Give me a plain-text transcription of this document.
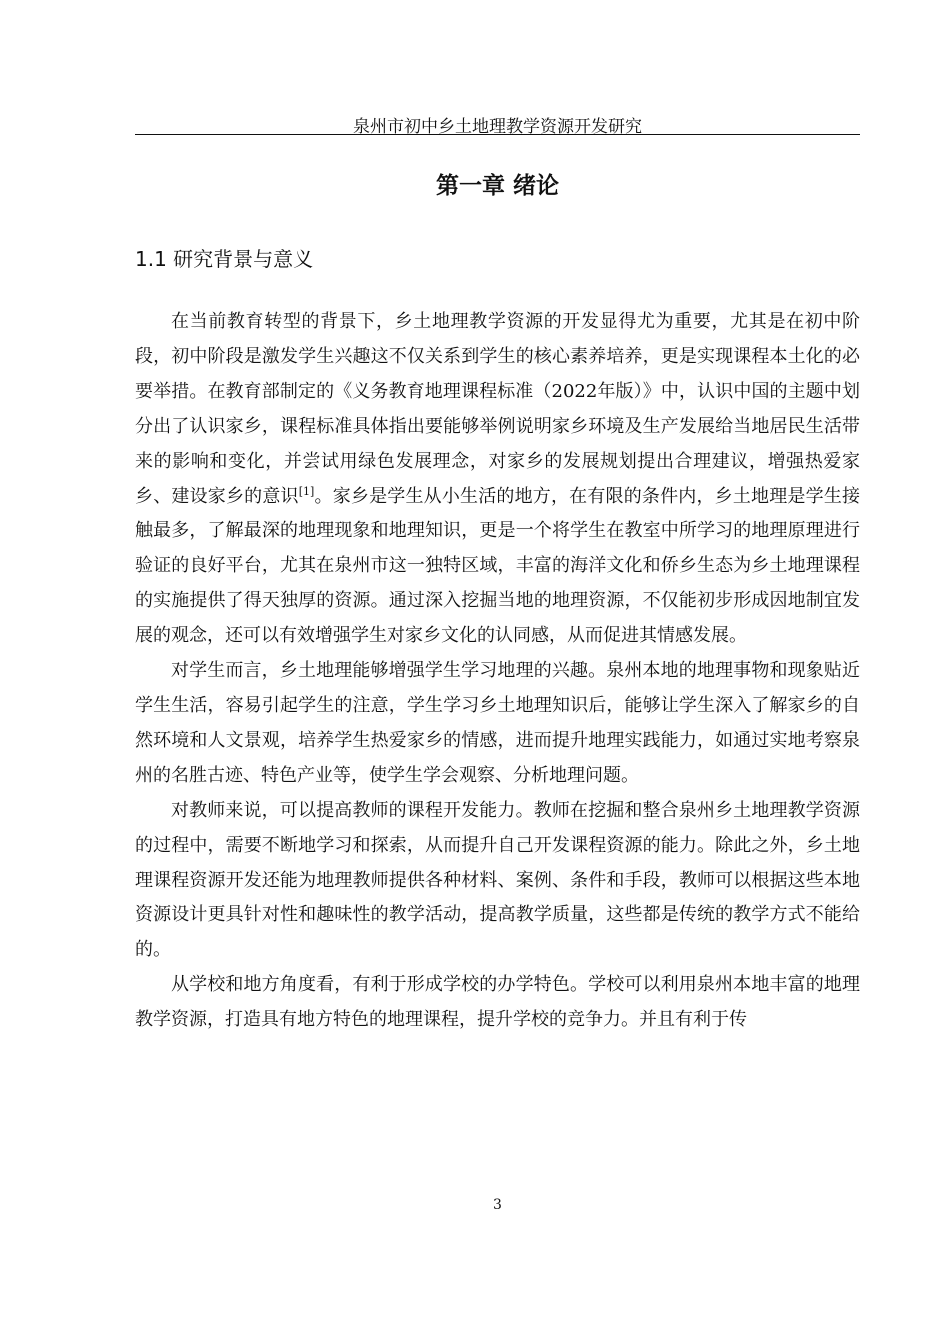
泉州市初中乡土地理教学资源开发研究
第一章 绪论
1.1 研究背景与意义

在当前教育转型的背景下，乡土地理教学资源的开发显得尤为重要，尤其是在初中阶段，初中阶段是激发学生兴趣这不仅关系到学生的核心素养培养，更是实现课程本土化的必要举措。在教育部制定的《义务教育地理课程标准（2022年版）》中，认识中国的主题中划分出了认识家乡，课程标准具体指出要能够举例说明家乡环境及生产发展给当地居民生活带来的影响和变化，并尝试用绿色发展理念，对家乡的发展规划提出合理建议，增强热爱家乡、建设家乡的意识[1]。家乡是学生从小生活的地方，在有限的条件内，乡土地理是学生接触最多，了解最深的地理现象和地理知识，更是一个将学生在教室中所学习的地理原理进行验证的良好平台，尤其在泉州市这一独特区域，丰富的海洋文化和侨乡生态为乡土地理课程的实施提供了得天独厚的资源。通过深入挖掘当地的地理资源，不仅能初步形成因地制宜发展的观念，还可以有效增强学生对家乡文化的认同感，从而促进其情感发展。

对学生而言，乡土地理能够增强学生学习地理的兴趣。泉州本地的地理事物和现象贴近学生生活，容易引起学生的注意，学生学习乡土地理知识后，能够让学生深入了解家乡的自然环境和人文景观，培养学生热爱家乡的情感，进而提升地理实践能力，如通过实地考察泉州的名胜古迹、特色产业等，使学生学会观察、分析地理问题。

对教师来说，可以提高教师的课程开发能力。教师在挖掘和整合泉州乡土地理教学资源的过程中，需要不断地学习和探索，从而提升自己开发课程资源的能力。除此之外，乡土地理课程资源开发还能为地理教师提供各种材料、案例、条件和手段，教师可以根据这些本地资源设计更具针对性和趣味性的教学活动，提高教学质量，这些都是传统的教学方式不能给的。

从学校和地方角度看，有利于形成学校的办学特色。学校可以利用泉州本地丰富的地理教学资源，打造具有地方特色的地理课程，提升学校的竞争力。并且有利于传

3
